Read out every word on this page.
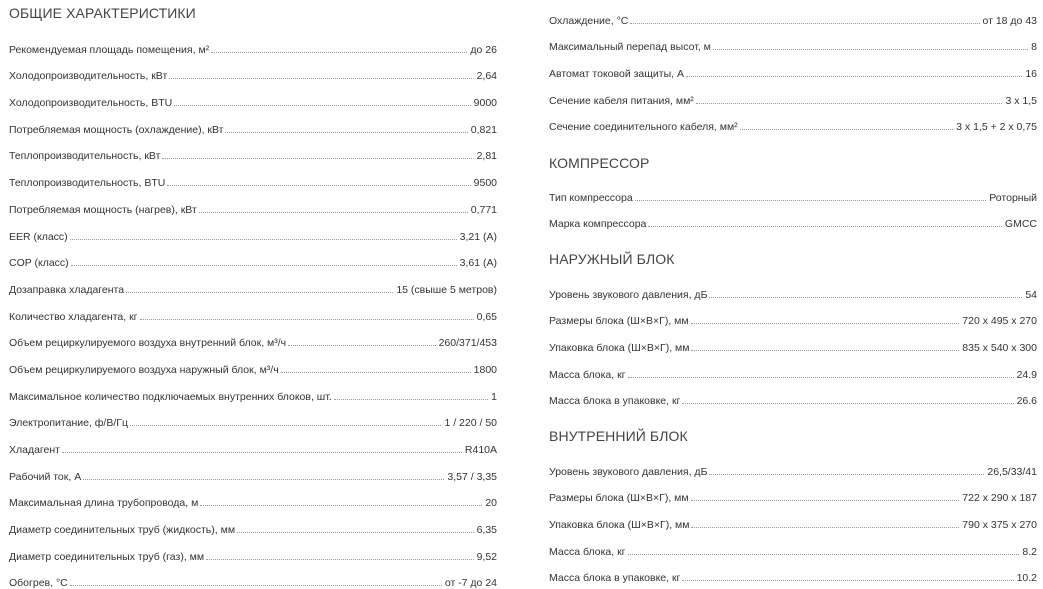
ОБЩИЕ ХАРАКТЕРИСТИКИ
Рекомендуемая площадь помещения, м²	до 26
Холодопроизводительность, кВт	2,64
Холодопроизводительность, BTU	9000
Потребляемая мощность (охлаждение), кВт	0,821
Теплопроизводительность, кВт	2,81
Теплопроизводительность, BTU	9500
Потребляемая мощность (нагрев), кВт	0,771
EER (класс)	3,21 (A)
COP (класс)	3,61 (A)
Дозаправка хладагента	15 (свыше 5 метров)
Количество хладагента, кг	0,65
Объем рециркулируемого воздуха внутренний блок, м³/ч	260/371/453
Объем рециркулируемого воздуха наружный блок, м³/ч	1800
Максимальное количество подключаемых внутренних блоков, шт.	1
Электропитание, ф/В/Гц	1 / 220 / 50
Хладагент	R410A
Рабочий ток, А	3,57 / 3,35
Максимальная длина трубопровода, м	20
Диаметр соединительных труб (жидкость), мм	6,35
Диаметр соединительных труб (газ), мм	9,52
Обогрев, °С	от -7 до 24
Охлаждение, °С	от 18 до 43
Максимальный перепад высот, м	8
Автомат токовой защиты, А	16
Сечение кабеля питания, мм²	3 x 1,5
Сечение соединительного кабеля, мм²	3 x 1,5 + 2 x 0,75
КОМПРЕССОР
Тип компрессора	Роторный
Марка компрессора	GMCC
НАРУЖНЫЙ БЛОК
Уровень звукового давления, дБ	54
Размеры блока (Ш×В×Г), мм	720 x 495 x 270
Упаковка блока (Ш×В×Г), мм	835 x 540 x 300
Масса блока, кг	24.9
Масса блока в упаковке, кг	26.6
ВНУТРЕННИЙ БЛОК
Уровень звукового давления, дБ	26,5/33/41
Размеры блока (Ш×В×Г), мм	722 x 290 x 187
Упаковка блока (Ш×В×Г), мм	790 x 375 x 270
Масса блока, кг	8.2
Масса блока в упаковке, кг	10.2
